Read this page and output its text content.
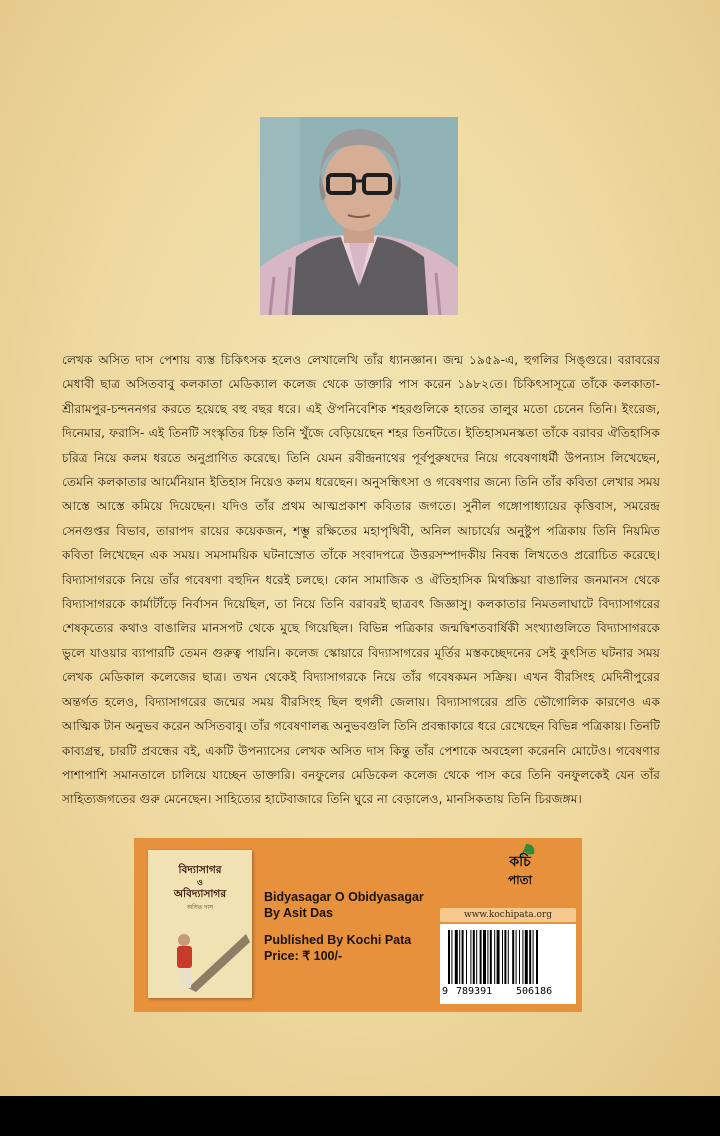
লেখক অসিত দাস পেশায় ব্যস্ত চিকিৎসক হলেও লেখালেখি তাঁর ধ্যানজ্ঞান। জন্ম ১৯৫৯-এ, হুগলির সিঙ্গুরে। বরাবরের মেধাবী ছাত্র অসিতবাবু কলকাতা মেডিক্যাল কলেজ থেকে ডাক্তারি পাস করেন ১৯৮২তে। চিকিৎসাসূত্রে তাঁকে কলকাতা-শ্রীরামপুর-চন্দননগর করতে হয়েছে বহু বছর ধরে। এই ঔপনিবেশিক শহরগুলিকে হাতের তালুর মতো চেনেন তিনি। ইংরেজ, দিনেমার, ফরাসি- এই তিনটি সংস্কৃতির চিহ্ন তিনি খুঁজে বেড়িয়েছেন শহর তিনটিতে। ইতিহাসমনস্কতা তাঁকে বরাবর ঐতিহাসিক চরিত্র নিয়ে কলম ধরতে অনুপ্রাণিত করেছে। তিনি যেমন রবীন্দ্রনাথের পূর্বপুরুষদের নিয়ে গবেষণাধর্মী উপন্যাস লিখেছেন, তেমনি কলকাতার আর্মেনিয়ান ইতিহাস নিয়েও কলম ধরেছেন। অনুসন্ধিৎসা ও গবেষণার জন্যে তিনি তাঁর কবিতা লেখার সময় আস্তে আস্তে কমিয়ে দিয়েছেন। যদিও তাঁর প্রথম আত্মপ্রকাশ কবিতার জগতে। সুনীল গঙ্গোপাধ্যায়ের কৃত্তিবাস, সমরেন্দ্র সেনগুপ্তর বিভাব, তারাপদ রায়ের কয়েকজন, শম্ভু রক্ষিতের মহাপৃথিবী, অনিল আচার্যের অনুষ্টুপ পত্রিকায় তিনি নিয়মিত কবিতা লিখেছেন এক সময়। সমসাময়িক ঘটনাস্রোত তাঁকে সংবাদপত্রে উত্তরসম্পাদকীয় নিবন্ধ লিখতেও প্ররোচিত করেছে। বিদ্যাসাগরকে নিয়ে তাঁর গবেষণা বহুদিন ধরেই চলছে। কোন সামাজিক ও ঐতিহাসিক মিথস্ক্রিয়া বাঙালির জনমানস থেকে বিদ্যাসাগরকে কার্মাটাঁড়ে নির্বাসন দিয়েছিল, তা নিয়ে তিনি বরাবরই ছাত্রবৎ জিজ্ঞাসু। কলকাতার নিমতলাঘাটে বিদ্যাসাগরের শেষকৃত্যের কথাও বাঙালির মানসপট থেকে মুছে গিয়েছিল। বিভিন্ন পত্রিকার জন্মদ্বিশতবার্ষিকী সংখ্যাগুলিতে বিদ্যাসাগরকে ভুলে যাওয়ার ব্যাপারটি তেমন গুরুত্ব পায়নি। কলেজ স্কোয়ারে বিদ্যাসাগরের মূর্তির মস্তকচ্ছেদনের সেই কুৎসিত ঘটনার সময় লেখক মেডিকাল কলেজের ছাত্র। তখন থেকেই বিদ্যাসাগরকে নিয়ে তাঁর গবেষকমন সক্রিয়। এখন বীরসিংহ মেদিনীপুরের অন্তর্গত হলেও, বিদ্যাসাগরের জন্মের সময় বীরসিংহ ছিল হুগলী জেলায়। বিদ্যাসাগরের প্রতি ভৌগোলিক কারণেও এক আত্মিক টান অনুভব করেন অসিতবাবু। তাঁর গবেষণালব্ধ অনুভবগুলি তিনি প্রবন্ধাকারে ধরে রেখেছেন বিভিন্ন পত্রিকায়। তিনটি কাব্যগ্রন্থ, চারটি প্রবন্ধের বই, একটি উপন্যাসের লেখক অসিত দাস কিন্তু তাঁর পেশাকে অবহেলা করেননি মোটেও। গবেষণার পাশাপাশি সমানতালে চালিয়ে যাচ্ছেন ডাক্তারি। বনফুলের মেডিকেল কলেজ থেকে পাস করে তিনি বনফুলকেই যেন তাঁর সাহিত্যজগতের গুরু মেনেছেন। সাহিত্যের হাটেবাজারে তিনি ঘুরে না বেড়ালেও, মানসিকতায় তিনি চিরজঙ্গম।

বিদ্যাসাগর
ও
অবিদ্যাসাগর
অসিত দাস
Bidyasagar O Obidyasagar
By Asit Das
Published By Kochi Pata
Price: ₹ 100/-
কচি
পাতা
www.kochipata.org
9 789391 506186
